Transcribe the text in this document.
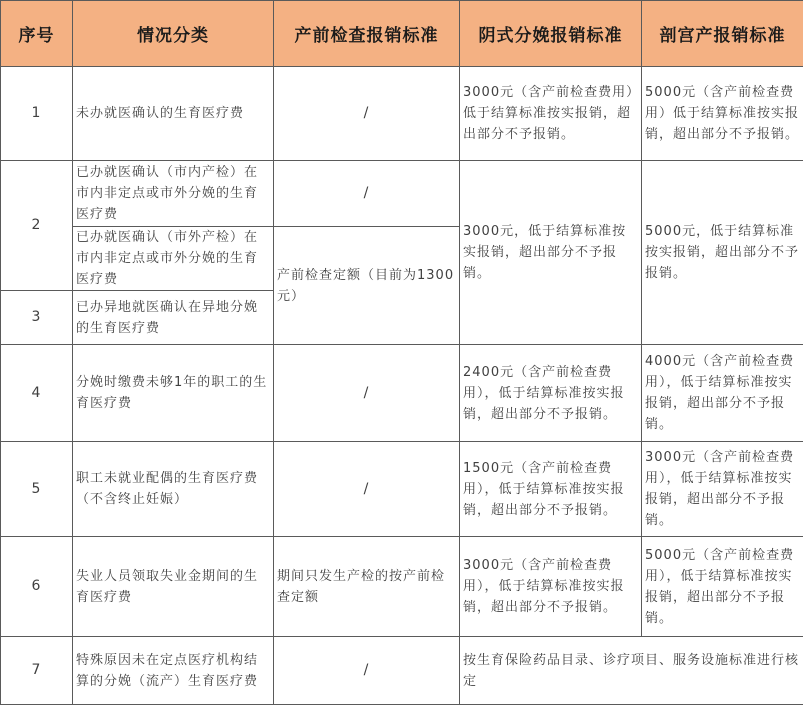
序号	情况分类	产前检查报销标准	阴式分娩报销标准	剖宫产报销标准
1	未办就医确认的生育医疗费	/	3000元（含产前检查费用）低于结算标准按实报销，超出部分不予报销。	5000元（含产前检查费用）低于结算标准按实报销，超出部分不予报销。
2	已办就医确认（市内产检）在市内非定点或市外分娩的生育医疗费	/	3000元，低于结算标准按实报销，超出部分不予报销。	5000元，低于结算标准按实报销，超出部分不予报销。
	已办就医确认（市外产检）在市内非定点或市外分娩的生育医疗费	产前检查定额（目前为1300元）		
3	已办异地就医确认在异地分娩的生育医疗费			
4	分娩时缴费未够1年的职工的生育医疗费	/	2400元（含产前检查费用），低于结算标准按实报销，超出部分不予报销。	4000元（含产前检查费用），低于结算标准按实报销，超出部分不予报销。
5	职工未就业配偶的生育医疗费（不含终止妊娠）	/	1500元（含产前检查费用），低于结算标准按实报销，超出部分不予报销。	3000元（含产前检查费用），低于结算标准按实报销，超出部分不予报销。
6	失业人员领取失业金期间的生育医疗费	期间只发生产检的按产前检查定额	3000元（含产前检查费用），低于结算标准按实报销，超出部分不予报销。	5000元（含产前检查费用），低于结算标准按实报销，超出部分不予报销。
7	特殊原因未在定点医疗机构结算的分娩（流产）生育医疗费	/	按生育保险药品目录、诊疗项目、服务设施标准进行核定	
